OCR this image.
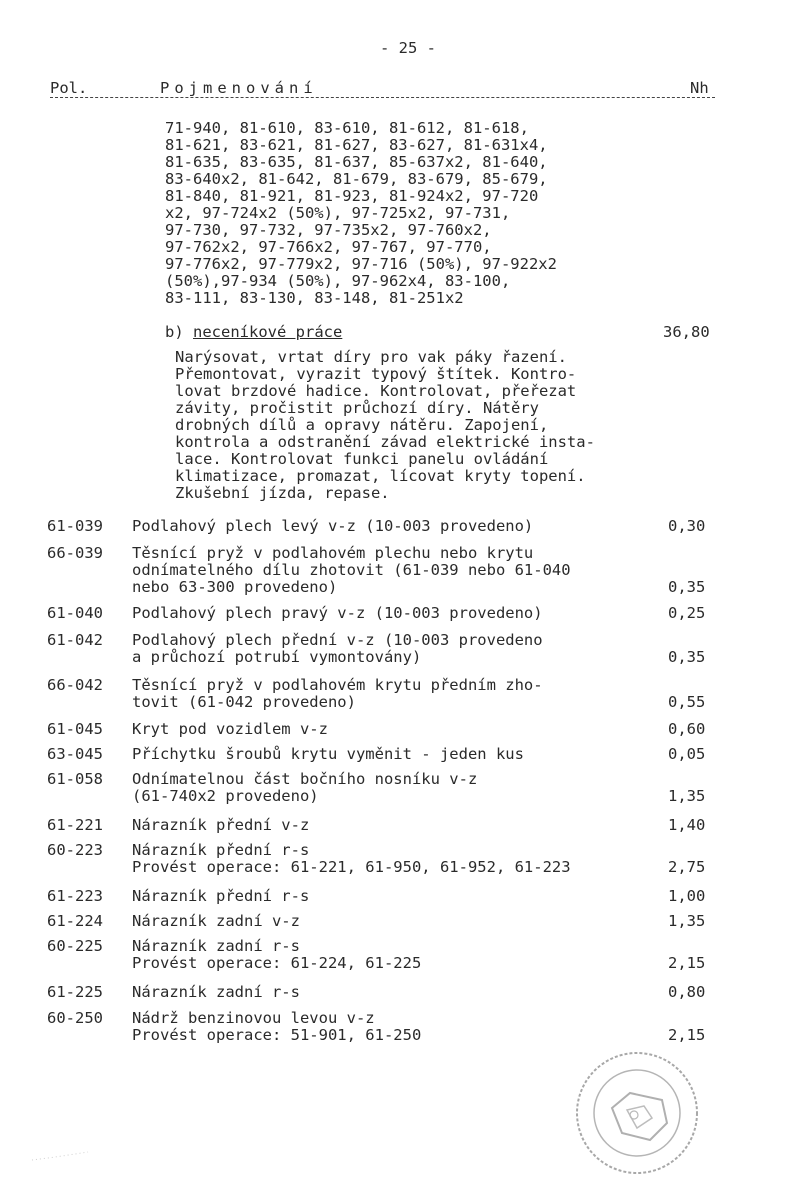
- 25 -
Pol.	Pojmenování	Nh
71-940, 81-610, 83-610, 81-612, 81-618,
81-621, 83-621, 81-627, 83-627, 81-631x4,
81-635, 83-635, 81-637, 85-637x2, 81-640,
83-640x2, 81-642, 81-679, 83-679, 85-679,
81-840, 81-921, 81-923, 81-924x2, 97-720
x2, 97-724x2 (50%), 97-725x2, 97-731,
97-730, 97-732, 97-735x2, 97-760x2,
97-762x2, 97-766x2, 97-767, 97-770,
97-776x2, 97-779x2, 97-716 (50%), 97-922x2
(50%),97-934 (50%), 97-962x4, 83-100,
83-111, 83-130, 83-148, 81-251x2
b) neceníkové práce	36,80
Narýsovat, vrtat díry pro vak páky řazení.
Přemontovat, vyrazit typový štítek. Kontro-
lovat brzdové hadice. Kontrolovat, přeřezat
závity, pročistit průchozí díry. Nátěry
drobných dílů a opravy nátěru. Zapojení,
kontrola a odstranění závad elektrické insta-
lace. Kontrolovat funkci panelu ovládání
klimatizace, promazat, lícovat kryty topení.
Zkušební jízda, repase.
61-039 Podlahový plech levý v-z (10-003 provedeno)	0,30
66-039 Těsnící pryž v podlahovém plechu nebo krytu
odnímatelného dílu zhotovit (61-039 nebo 61-040
nebo 63-300 provedeno)	0,35
61-040 Podlahový plech pravý v-z (10-003 provedeno)	0,25
61-042 Podlahový plech přední v-z (10-003 provedeno
a průchozí potrubí vymontovány)	0,35
66-042 Těsnící pryž v podlahovém krytu předním zho-
tovit (61-042 provedeno)	0,55
61-045 Kryt pod vozidlem v-z	0,60
63-045 Příchytku šroubů krytu vyměnit - jeden kus	0,05
61-058 Odnímatelnou část bočního nosníku v-z
(61-740x2 provedeno)	1,35
61-221 Nárazník přední v-z	1,40
60-223 Nárazník přední r-s
Provést operace: 61-221, 61-950, 61-952, 61-223	2,75
61-223 Nárazník přední r-s	1,00
61-224 Nárazník zadní v-z	1,35
60-225 Nárazník zadní r-s
Provést operace: 61-224, 61-225	2,15
61-225 Nárazník zadní r-s	0,80
60-250 Nádrž benzinovou levou v-z
Provést operace: 51-901, 61-250	2,15
